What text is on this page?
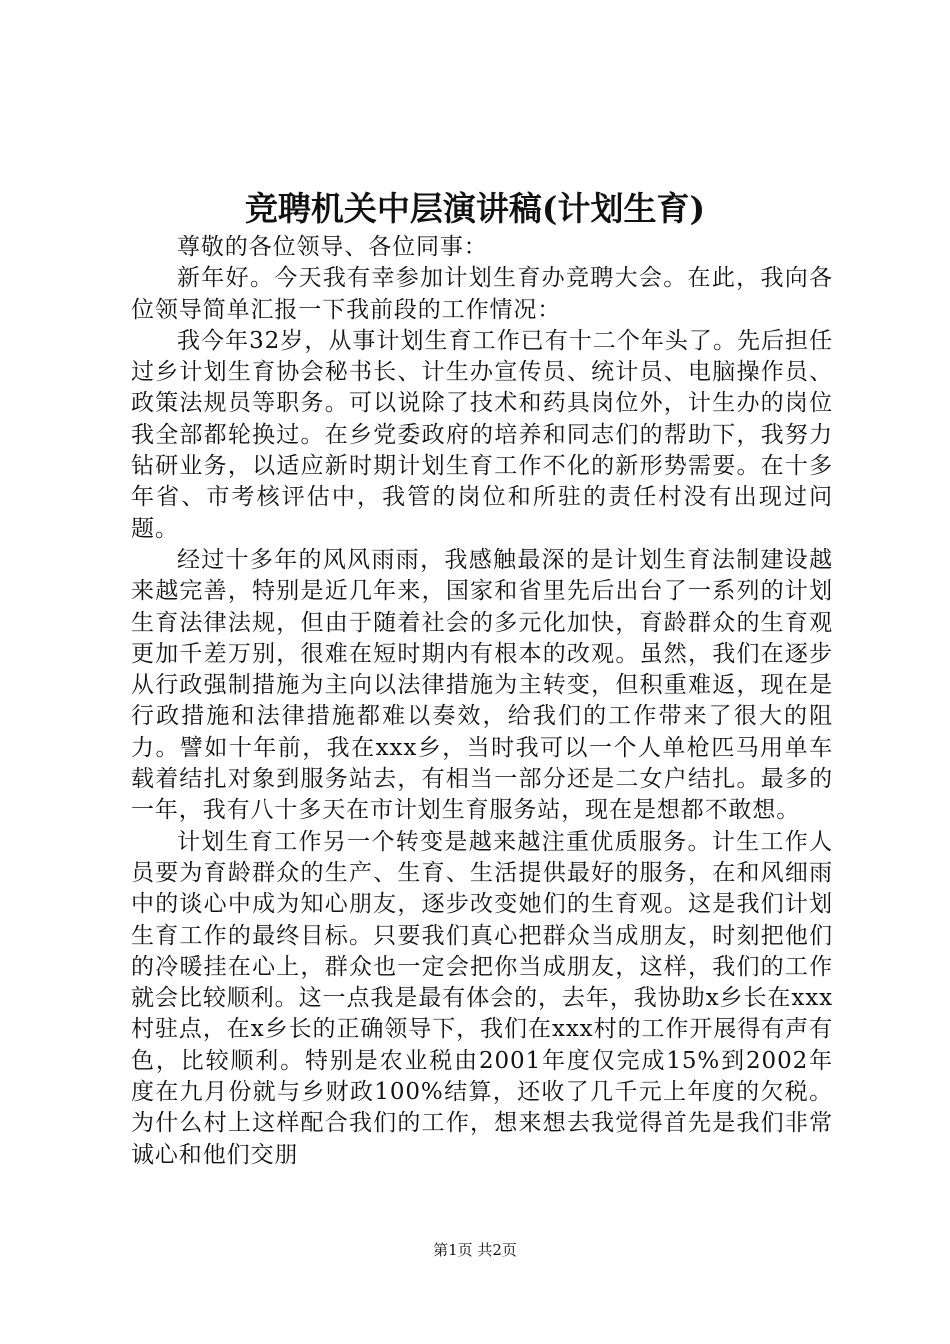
竞聘机关中层演讲稿(计划生育)

尊敬的各位领导、各位同事：

新年好。今天我有幸参加计划生育办竞聘大会。在此，我向各位领导简单汇报一下我前段的工作情况：

我今年32岁，从事计划生育工作已有十二个年头了。先后担任过乡计划生育协会秘书长、计生办宣传员、统计员、电脑操作员、政策法规员等职务。可以说除了技术和药具岗位外，计生办的岗位我全部都轮换过。在乡党委政府的培养和同志们的帮助下，我努力钻研业务，以适应新时期计划生育工作不化的新形势需要。在十多年省、市考核评估中，我管的岗位和所驻的责任村没有出现过问题。

经过十多年的风风雨雨，我感触最深的是计划生育法制建设越来越完善，特别是近几年来，国家和省里先后出台了一系列的计划生育法律法规，但由于随着社会的多元化加快，育龄群众的生育观更加千差万别，很难在短时期内有根本的改观。虽然，我们在逐步从行政强制措施为主向以法律措施为主转变，但积重难返，现在是行政措施和法律措施都难以奏效，给我们的工作带来了很大的阻力。譬如十年前，我在xxx乡，当时我可以一个人单枪匹马用单车载着结扎对象到服务站去，有相当一部分还是二女户结扎。最多的一年，我有八十多天在市计划生育服务站，现在是想都不敢想。

计划生育工作另一个转变是越来越注重优质服务。计生工作人员要为育龄群众的生产、生育、生活提供最好的服务，在和风细雨中的谈心中成为知心朋友，逐步改变她们的生育观。这是我们计划生育工作的最终目标。只要我们真心把群众当成朋友，时刻把他们的冷暖挂在心上，群众也一定会把你当成朋友，这样，我们的工作就会比较顺利。这一点我是最有体会的，去年，我协助x乡长在xxx村驻点，在x乡长的正确领导下，我们在xxx村的工作开展得有声有色，比较顺利。特别是农业税由2001年度仅完成15%到2002年度在九月份就与乡财政100%结算，还收了几千元上年度的欠税。为什么村上这样配合我们的工作，想来想去我觉得首先是我们非常诚心和他们交朋

第1页 共2页
